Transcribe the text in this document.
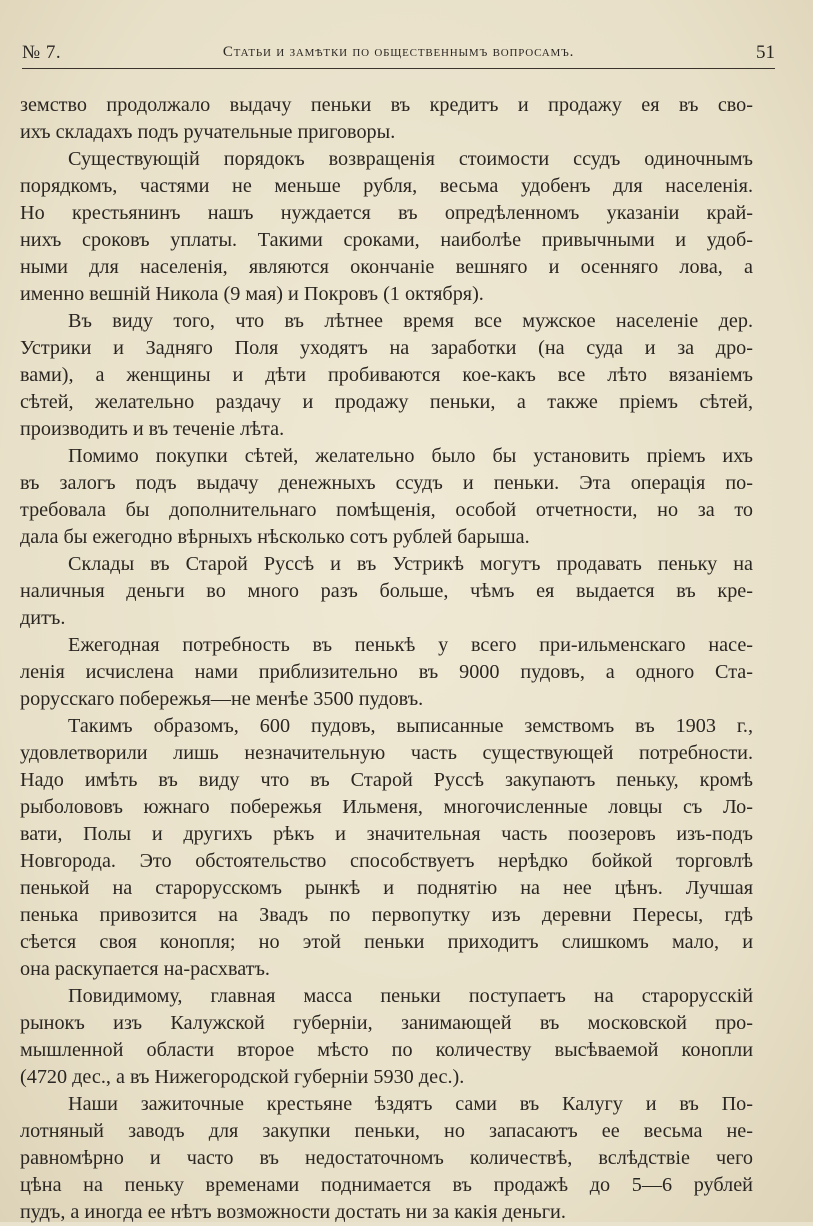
№ 7.	Статьи и замѣтки по общественнымъ вопросамъ.	51
земство продолжало выдачу пеньки въ кредитъ и продажу ея въ сво-
ихъ складахъ подъ ручательные приговоры.
Существующій порядокъ возвращенія стоимости ссудъ одиночнымъ
порядкомъ, частями не меньше рубля, весьма удобенъ для населенія.
Но крестьянинъ нашъ нуждается въ опредѣленномъ указаніи край-
нихъ сроковъ уплаты. Такими сроками, наиболѣе привычными и удоб-
ными для населенія, являются окончаніе вешняго и осенняго лова, а
именно вешній Никола (9 мая) и Покровъ (1 октября).
Въ виду того, что въ лѣтнее время все мужское населеніе дер.
Устрики и Задняго Поля уходятъ на заработки (на суда и за дро-
вами), а женщины и дѣти пробиваются кое-какъ все лѣто вязаніемъ
сѣтей, желательно раздачу и продажу пеньки, а также пріемъ сѣтей,
производить и въ теченіе лѣта.
Помимо покупки сѣтей, желательно было бы установить пріемъ ихъ
въ залогъ подъ выдачу денежныхъ ссудъ и пеньки. Эта операція по-
требовала бы дополнительнаго помѣщенія, особой отчетности, но за то
дала бы ежегодно вѣрныхъ нѣсколько сотъ рублей барыша.
Склады въ Старой Руссѣ и въ Устрикѣ могутъ продавать пеньку на
наличныя деньги во много разъ больше, чѣмъ ея выдается въ кре-
дитъ.
Ежегодная потребность въ пенькѣ у всего при-ильменскаго насе-
ленія исчислена нами приблизительно въ 9000 пудовъ, а одного Ста-
рорусскаго побережья—не менѣе 3500 пудовъ.
Такимъ образомъ, 600 пудовъ, выписанные земствомъ въ 1903 г.,
удовлетворили лишь незначительную часть существующей потребности.
Надо имѣть въ виду что въ Старой Руссѣ закупаютъ пеньку, кромѣ
рыболововъ южнаго побережья Ильменя, многочисленные ловцы съ Ло-
вати, Полы и другихъ рѣкъ и значительная часть поозеровъ изъ-подъ
Новгорода. Это обстоятельство способствуетъ нерѣдко бойкой торговлѣ
пенькой на старорусскомъ рынкѣ и поднятію на нее цѣнъ. Лучшая
пенька привозится на Звадъ по первопутку изъ деревни Пересы, гдѣ
сѣется своя конопля; но этой пеньки приходитъ слишкомъ мало, и
она раскупается на-расхватъ.
Повидимому, главная масса пеньки поступаетъ на старорусскій
рынокъ изъ Калужской губерніи, занимающей въ московской про-
мышленной области второе мѣсто по количеству высѣваемой конопли
(4720 дес., а въ Нижегородской губерніи 5930 дес.).
Наши зажиточные крестьяне ѣздятъ сами въ Калугу и въ По-
лотняный заводъ для закупки пеньки, но запасаютъ ее весьма не-
равномѣрно и часто въ недостаточномъ количествѣ, вслѣдствіе чего
цѣна на пеньку временами поднимается въ продажѣ до 5—6 рублей
пудъ, а иногда ее нѣтъ возможности достать ни за какія деньги.
